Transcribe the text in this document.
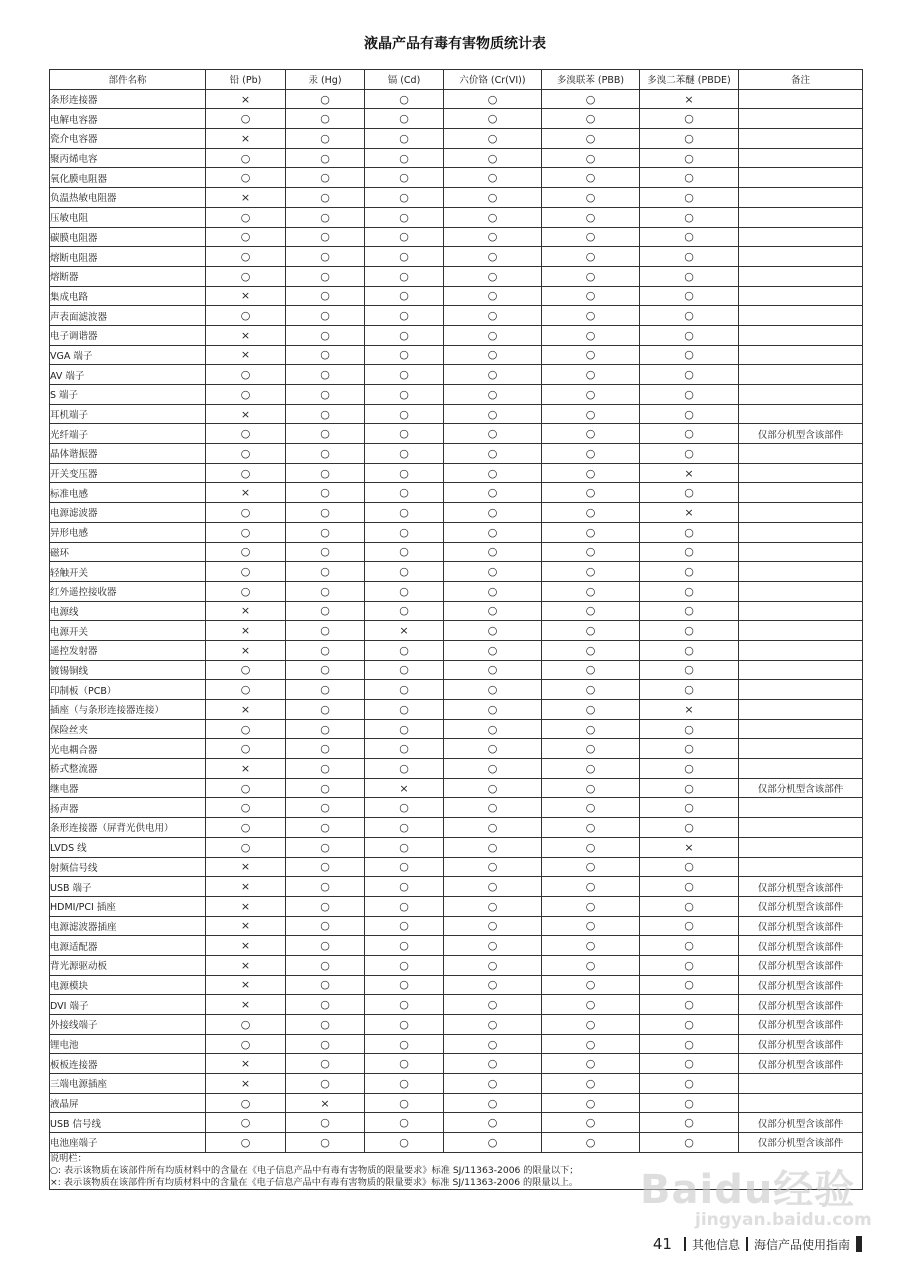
液晶产品有毒有害物质统计表
部件名称	铅 (Pb)	汞 (Hg)	镉 (Cd)	六价铬 (Cr(VI))	多溴联苯 (PBB)	多溴二苯醚 (PBDE)	备注
条形连接器	×	○	○	○	○	×	
电解电容器	○	○	○	○	○	○	
瓷介电容器	×	○	○	○	○	○	
聚丙烯电容	○	○	○	○	○	○	
氧化膜电阻器	○	○	○	○	○	○	
负温热敏电阻器	×	○	○	○	○	○	
压敏电阻	○	○	○	○	○	○	
碳膜电阻器	○	○	○	○	○	○	
熔断电阻器	○	○	○	○	○	○	
熔断器	○	○	○	○	○	○	
集成电路	×	○	○	○	○	○	
声表面滤波器	○	○	○	○	○	○	
电子调谐器	×	○	○	○	○	○	
VGA 端子	×	○	○	○	○	○	
AV 端子	○	○	○	○	○	○	
S 端子	○	○	○	○	○	○	
耳机端子	×	○	○	○	○	○	
光纤端子	○	○	○	○	○	○	仅部分机型含该部件
晶体谐振器	○	○	○	○	○	○	
开关变压器	○	○	○	○	○	×	
标准电感	×	○	○	○	○	○	
电源滤波器	○	○	○	○	○	×	
异形电感	○	○	○	○	○	○	
磁环	○	○	○	○	○	○	
轻触开关	○	○	○	○	○	○	
红外遥控接收器	○	○	○	○	○	○	
电源线	×	○	○	○	○	○	
电源开关	×	○	×	○	○	○	
遥控发射器	×	○	○	○	○	○	
镀锡铜线	○	○	○	○	○	○	
印制板（PCB）	○	○	○	○	○	○	
插座（与条形连接器连接）	×	○	○	○	○	×	
保险丝夹	○	○	○	○	○	○	
光电耦合器	○	○	○	○	○	○	
桥式整流器	×	○	○	○	○	○	
继电器	○	○	×	○	○	○	仅部分机型含该部件
扬声器	○	○	○	○	○	○	
条形连接器（屏背光供电用）	○	○	○	○	○	○	
LVDS 线	○	○	○	○	○	×	
射频信号线	×	○	○	○	○	○	
USB 端子	×	○	○	○	○	○	仅部分机型含该部件
HDMI/PCI 插座	×	○	○	○	○	○	仅部分机型含该部件
电源滤波器插座	×	○	○	○	○	○	仅部分机型含该部件
电源适配器	×	○	○	○	○	○	仅部分机型含该部件
背光源驱动板	×	○	○	○	○	○	仅部分机型含该部件
电源模块	×	○	○	○	○	○	仅部分机型含该部件
DVI 端子	×	○	○	○	○	○	仅部分机型含该部件
外接线端子	○	○	○	○	○	○	仅部分机型含该部件
锂电池	○	○	○	○	○	○	仅部分机型含该部件
板板连接器	×	○	○	○	○	○	仅部分机型含该部件
三端电源插座	×	○	○	○	○	○	
液晶屏	○	×	○	○	○	○	
USB 信号线	○	○	○	○	○	○	仅部分机型含该部件
电池座端子	○	○	○	○	○	○	仅部分机型含该部件

说明栏：
○: 表示该物质在该部件所有均质材料中的含量在《电子信息产品中有毒有害物质的限量要求》标准 SJ/11363-2006 的限量以下；
×: 表示该物质在该部件所有均质材料中的含量在《电子信息产品中有毒有害物质的限量要求》标准 SJ/11363-2006 的限量以上。								Baidu经验
jingyan.baidu.com
41 其他信息 海信产品使用指南
